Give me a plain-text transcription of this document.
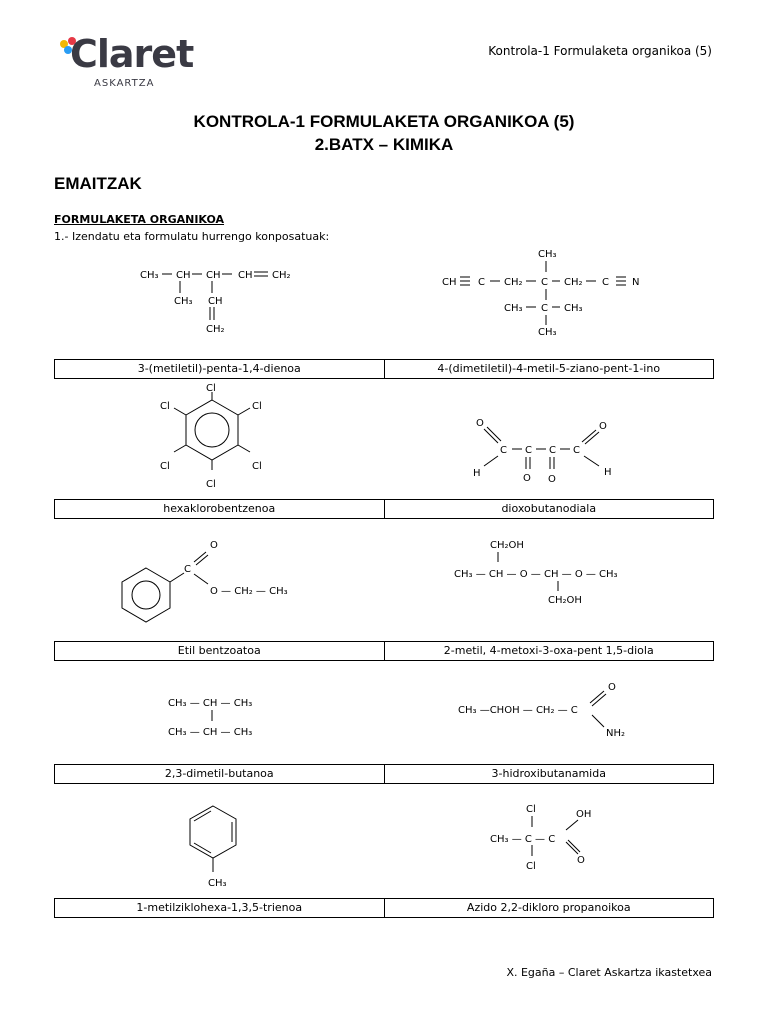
Claret
ASKARTZA
Kontrola-1 Formulaketa organikoa (5)
KONTROLA-1 FORMULAKETA ORGANIKOA (5)
2.BATX – KIMIKA
EMAITZAK
FORMULAKETA ORGANIKOA
1.- Izendatu eta formulatu hurrengo konposatuak:
CH₃ CH CH CH CH₂
CH₃ CH
CH₂
CH₃
CH C CH₂ C CH₂ C N
CH₃ C CH₃
CH₃
3-(metiletil)-penta-1,4-dienoa	4-(dimetiletil)-4-metil-5-ziano-pent-1-ino
Cl
Cl
Cl
Cl
Cl
Cl
O
C C C C
O O
H
O
H
hexaklorobentzenoa	dioxobutanodiala
C
O
O — CH₂ — CH₃
CH₂OH
CH₃ — CH — O — CH — O — CH₃
CH₂OH
Etil bentzoatoa	2-metil, 4-metoxi-3-oxa-pent 1,5-diola
CH₃ — CH — CH₃
CH₃ — CH — CH₃
CH₃ —CHOH — CH₂ — C
O
NH₂
2,3-dimetil-butanoa	3-hidroxibutanamida
CH₃
Cl
CH₃ — C — C
Cl
OH
O
1-metilziklohexa-1,3,5-trienoa	Azido 2,2-dikloro propanoikoa
X. Egaña – Claret Askartza ikastetxea
